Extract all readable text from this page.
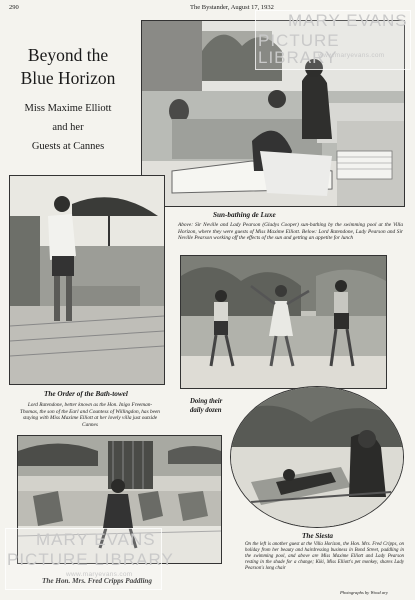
290	The Bystander, August 17, 1932
Beyond the
Blue Horizon
Miss Maxime Elliott
and her
Guests at Cannes
Sun-bathing de Luxe
Above: Sir Neville and Lady Pearson (Gladys Cooper) sun-bathing by the swimming pool at the Villa Horizon, where they were guests of Miss Maxime Elliott. Below: Lord Ratendone, Lady Pearson and Sir Neville Pearson working off the effects of the sun and getting an appetite for lunch
The Order of the Bath-towel
Lord Ratendone, better known as the Hon. Inigo Freeman-Thomas, the son of the Earl and Countess of Willingdon, has been staying with Miss Maxime Elliott at her lovely villa just outside Cannes
Doing their
daily dozen
The Hon. Mrs. Fred Cripps Paddling
The Siesta
On the left is another guest at the Villa Horizon, the Hon. Mrs. Fred Cripps, on holiday from her beauty and hairdressing business in Bond Street, paddling in the swimming pool, and above are Miss Maxime Elliott and Lady Pearson resting in the shade for a change; Kiki, Miss Elliott's pet monkey, shares Lady Pearson's long chair
Photographs by Wood ary
MARY EVANS
PICTURE LIBRARY
www.maryevans.com
MARY EVANS
PICTURE LIBRARY
www.maryevans.com
